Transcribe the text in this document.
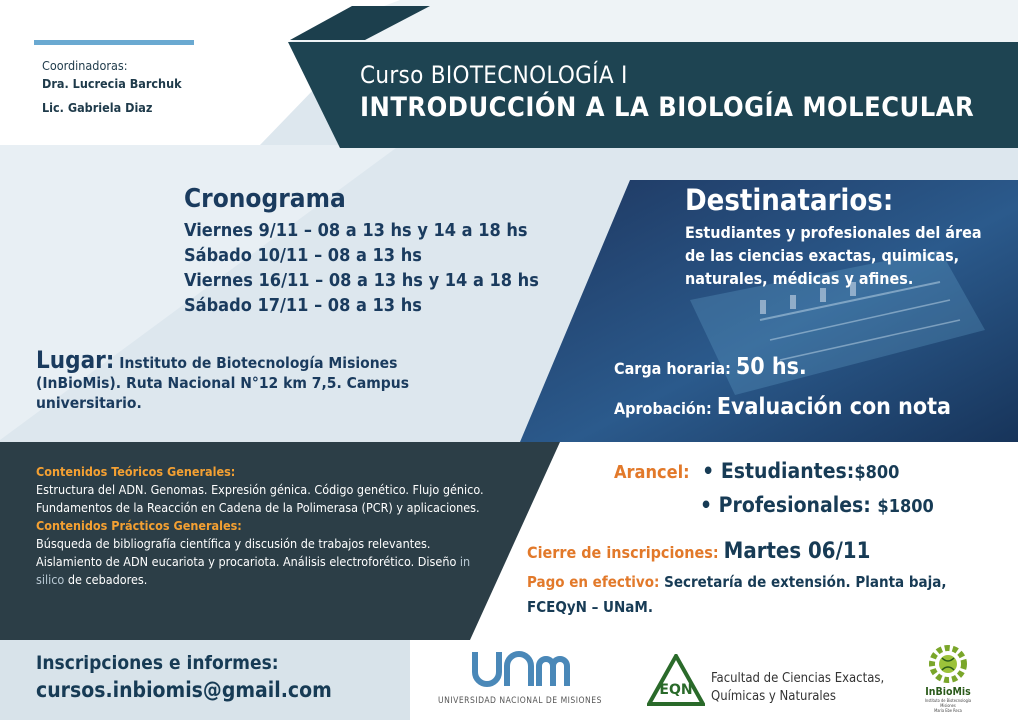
Coordinadoras:
Dra. Lucrecia Barchuk
Lic. Gabriela Diaz
Curso BIOTECNOLOGÍA I
INTRODUCCIÓN A LA BIOLOGÍA MOLECULAR
Cronograma
Viernes 9/11 – 08 a 13 hs y 14 a 18 hs
Sábado 10/11 – 08 a 13 hs
Viernes 16/11 – 08 a 13 hs y 14 a 18 hs
Sábado 17/11 – 08 a 13 hs
Lugar: Instituto de Biotecnología Misiones (InBioMis). Ruta Nacional N°12 km 7,5. Campus universitario.
Destinatarios:

Estudiantes y profesionales del área de las ciencias exactas, quimicas, naturales, médicas y afines.

Carga horaria: 50 hs.
Aprobación: Evaluación con nota
Contenidos Teóricos Generales:
Estructura del ADN. Genomas. Expresión génica. Código genético. Flujo génico. Fundamentos de la Reacción en Cadena de la Polimerasa (PCR) y aplicaciones.
Contenidos Prácticos Generales:
Búsqueda de bibliografía científica y discusión de trabajos relevantes. Aislamiento de ADN eucariota y procariota. Análisis electroforético. Diseño in silico de cebadores.
Arancel: • Estudiantes:$800
• Profesionales: $1800
Cierre de inscripciones: Martes 06/11
Pago en efectivo: Secretaría de extensión. Planta baja,
FCEQyN – UNaM.
Inscripciones e informes:
cursos.inbiomis@gmail.com	UNIVERSIDAD NACIONAL DE MISIONES
EQN
Facultad de Ciencias Exactas,
Químicas y Naturales	InBioMis
Instituto de Biotecnología Misiones
María Ebe Reca
